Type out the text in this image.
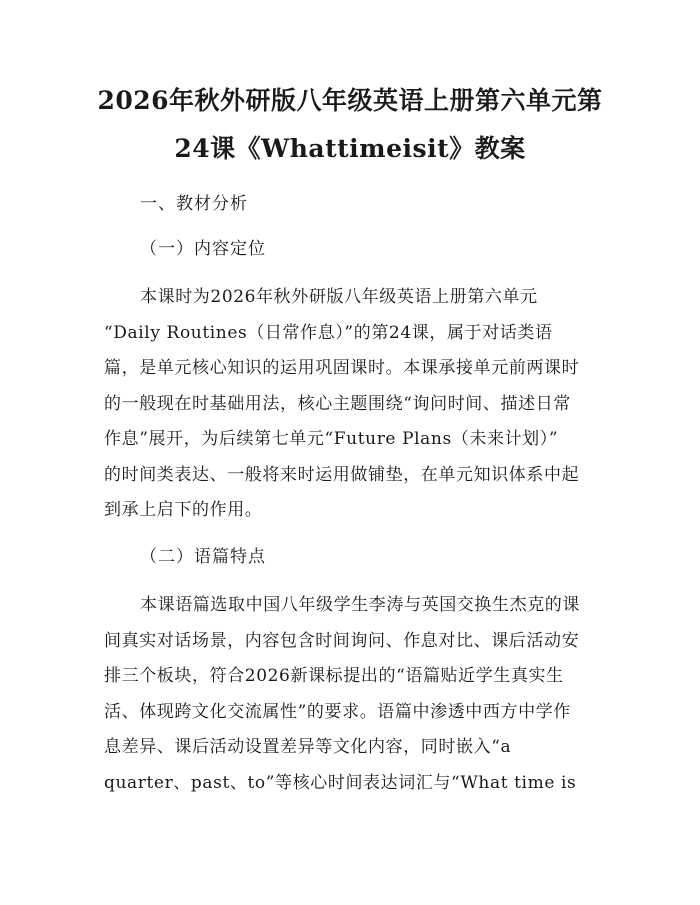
2026年秋外研版八年级英语上册第六单元第
24课《Whattimeisit》教案
一、教材分析
（一）内容定位
本课时为2026年秋外研版八年级英语上册第六单元
“Daily Routines（日常作息）”的第24课，属于对话类语
篇，是单元核心知识的运用巩固课时。本课承接单元前两课时
的一般现在时基础用法，核心主题围绕“询问时间、描述日常
作息”展开，为后续第七单元“Future Plans（未来计划）”
的时间类表达、一般将来时运用做铺垫，在单元知识体系中起
到承上启下的作用。
（二）语篇特点
本课语篇选取中国八年级学生李涛与英国交换生杰克的课
间真实对话场景，内容包含时间询问、作息对比、课后活动安
排三个板块，符合2026新课标提出的“语篇贴近学生真实生
活、体现跨文化交流属性”的要求。语篇中渗透中西方中学作
息差异、课后活动设置差异等文化内容，同时嵌入“a
quarter、past、to”等核心时间表达词汇与“What time is
